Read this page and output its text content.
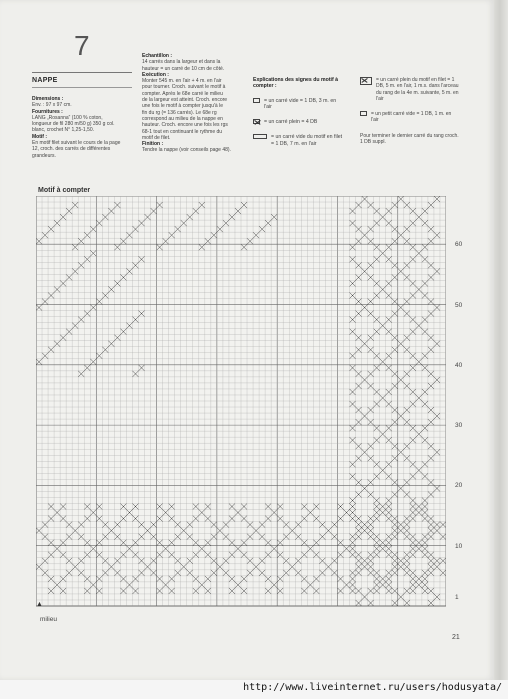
7
NAPPE
Dimensions :
Env. : 97 x 97 cm.
Fournitures :
LANG „Rosanna“ (100 % coton,
longueur de fil 280 m/50 g) 350 g col.
blanc, crochet N° 1,25-1,50.
Motif :
En motif filet suivant le cours de la page
12, croch. des carrés de différentes
grandeurs.
Echantillon :
14 carrés dans la largeur et dans la
hauteur = un carré de 10 cm de côté.
Exécution :
Monter 545 m. en l'air + 4 m. en l'air
pour tourner. Croch. suivant le motif à
compter. Après le 68e carré le milieu
de la largeur est atteint. Croch. encore
une fois le motif à compter jusqu'à le
fin du rg (= 136 carrés). Le 68e rg
correspond au milieu de la nappe en
hauteur. Croch. encore une fois les rgs
68-1 tout en continuant le rythme du
motif de filet.
Finition :
Tendre la nappe (voir conseils page 48).
Explications des signes du motif à compter :
= un carré vide = 1 DB, 3 m. en l'air
= un carré plein = 4 DB
= un carré vide du motif en filet = 1 DB, 7 m. en l'air
= un carré plein du motif en filet = 1 DB, 5 m. en l'air, 1 m.s. dans l'arceau du rang de la 4e m. suivante, 5 m. en l'air
= un petit carré vide = 1 DB, 1 m. en l'air
Pour terminer le dernier carré du rang croch. 1 DB suppl.
Motif à compter
60
50
40
30
20
10
1
▲
milieu
21
http://www.liveinternet.ru/users/hodusyata/
